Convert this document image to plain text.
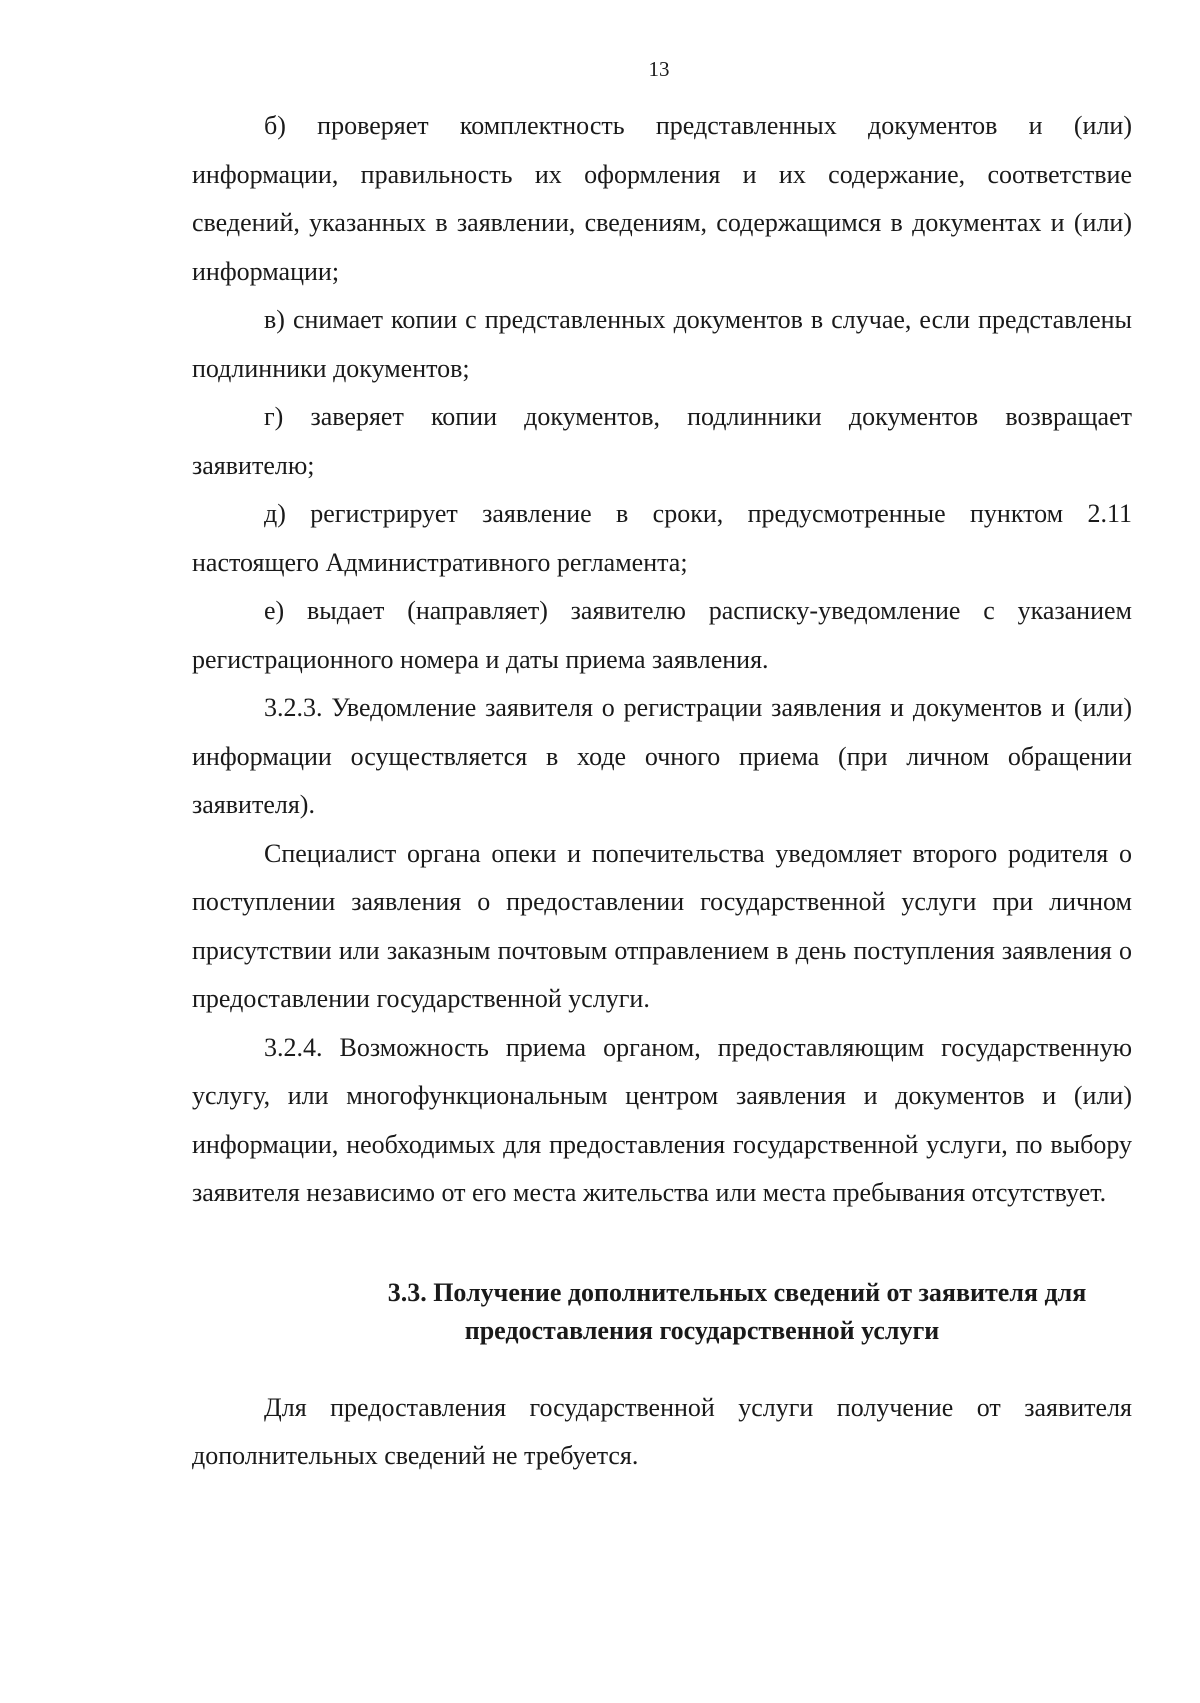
13

б) проверяет комплектность представленных документов и (или) информации, правильность их оформления и их содержание, соответствие сведений, указанных в заявлении, сведениям, содержащимся в документах и (или) информации;

в) снимает копии с представленных документов в случае, если представлены подлинники документов;

г) заверяет копии документов, подлинники документов возвращает заявителю;

д) регистрирует заявление в сроки, предусмотренные пунктом 2.11 настоящего Административного регламента;

е) выдает (направляет) заявителю расписку-уведомление с указанием регистрационного номера и даты приема заявления.

3.2.3. Уведомление заявителя о регистрации заявления и документов и (или) информации осуществляется в ходе очного приема (при личном обращении заявителя).

Специалист органа опеки и попечительства уведомляет второго родителя о поступлении заявления о предоставлении государственной услуги при личном присутствии или заказным почтовым отправлением в день поступления заявления о предоставлении государственной услуги.

3.2.4. Возможность приема органом, предоставляющим государственную услугу, или многофункциональным центром заявления и документов и (или) информации, необходимых для предоставления государственной услуги, по выбору заявителя независимо от его места жительства или места пребывания отсутствует.

3.3. Получение дополнительных сведений от заявителя для
предоставления государственной услуги

Для предоставления государственной услуги получение от заявителя дополнительных сведений не требуется.
